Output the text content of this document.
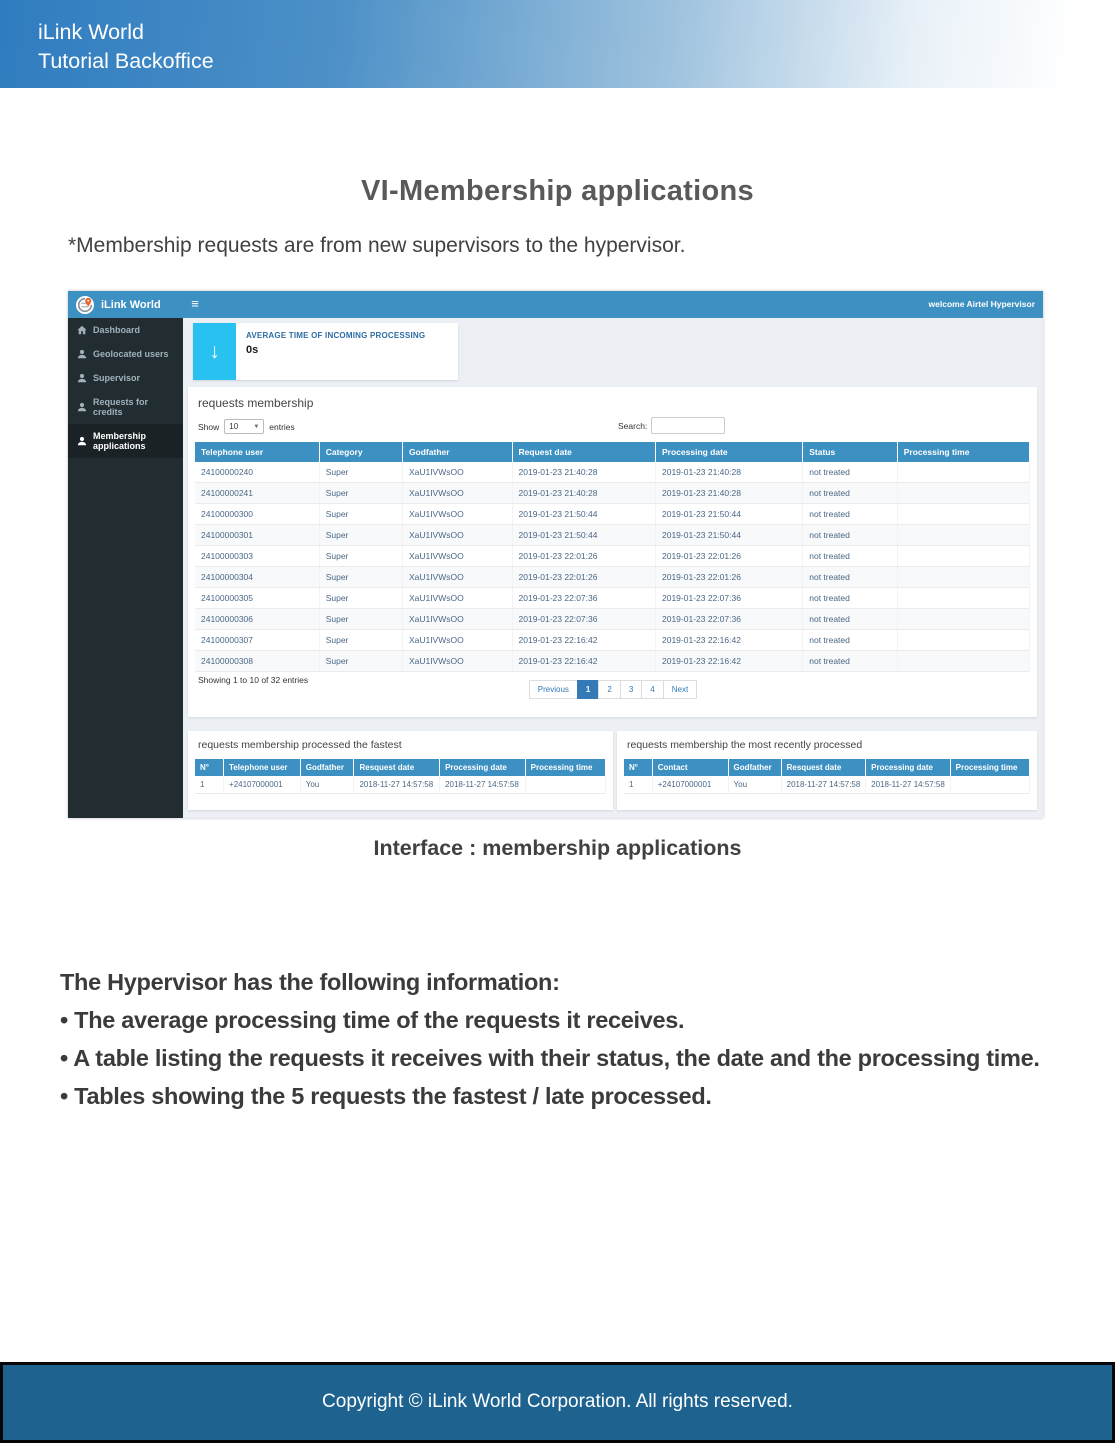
iLink World
Tutorial Backoffice
VI-Membership applications
*Membership requests are from new supervisors to the hypervisor.
iLink World	≡	welcome Airtel Hypervisor
Dashboard
Geolocated users
Supervisor
Requests for credits
Membership applications
↓
AVERAGE TIME OF INCOMING PROCESSING
0s
requests membership
Show 10	▼ entries	Search:
Telephone user	Category	Godfather	Request date	Processing date	Status	Processing time
24100000240	Super	XaU1IVWsOO	2019-01-23 21:40:28	2019-01-23 21:40:28	not treated	
24100000241	Super	XaU1IVWsOO	2019-01-23 21:40:28	2019-01-23 21:40:28	not treated	
24100000300	Super	XaU1IVWsOO	2019-01-23 21:50:44	2019-01-23 21:50:44	not treated	
24100000301	Super	XaU1IVWsOO	2019-01-23 21:50:44	2019-01-23 21:50:44	not treated	
24100000303	Super	XaU1IVWsOO	2019-01-23 22:01:26	2019-01-23 22:01:26	not treated	
24100000304	Super	XaU1IVWsOO	2019-01-23 22:01:26	2019-01-23 22:01:26	not treated	
24100000305	Super	XaU1IVWsOO	2019-01-23 22:07:36	2019-01-23 22:07:36	not treated	
24100000306	Super	XaU1IVWsOO	2019-01-23 22:07:36	2019-01-23 22:07:36	not treated	
24100000307	Super	XaU1IVWsOO	2019-01-23 22:16:42	2019-01-23 22:16:42	not treated	
24100000308	Super	XaU1IVWsOO	2019-01-23 22:16:42	2019-01-23 22:16:42	not treated	
Showing 1 to 10 of 32 entries
Previous 1 2 3 4 Next
requests membership processed the fastest
N°	Telephone user	Godfather	Resquest date	Processing date	Processing time
1	+24107000001	You	2018-11-27 14:57:58	2018-11-27 14:57:58	
requests membership the most recently processed
N°	Contact	Godfather	Resquest date	Processing date	Processing time
1	+24107000001	You	2018-11-27 14:57:58	2018-11-27 14:57:58	
Interface : membership applications
The Hypervisor has the following information:
• The average processing time of the requests it receives.
• A table listing the requests it receives with their status, the date and the processing time.
• Tables showing the 5 requests the fastest / late processed.
Copyright © iLink World Corporation. All rights reserved.
